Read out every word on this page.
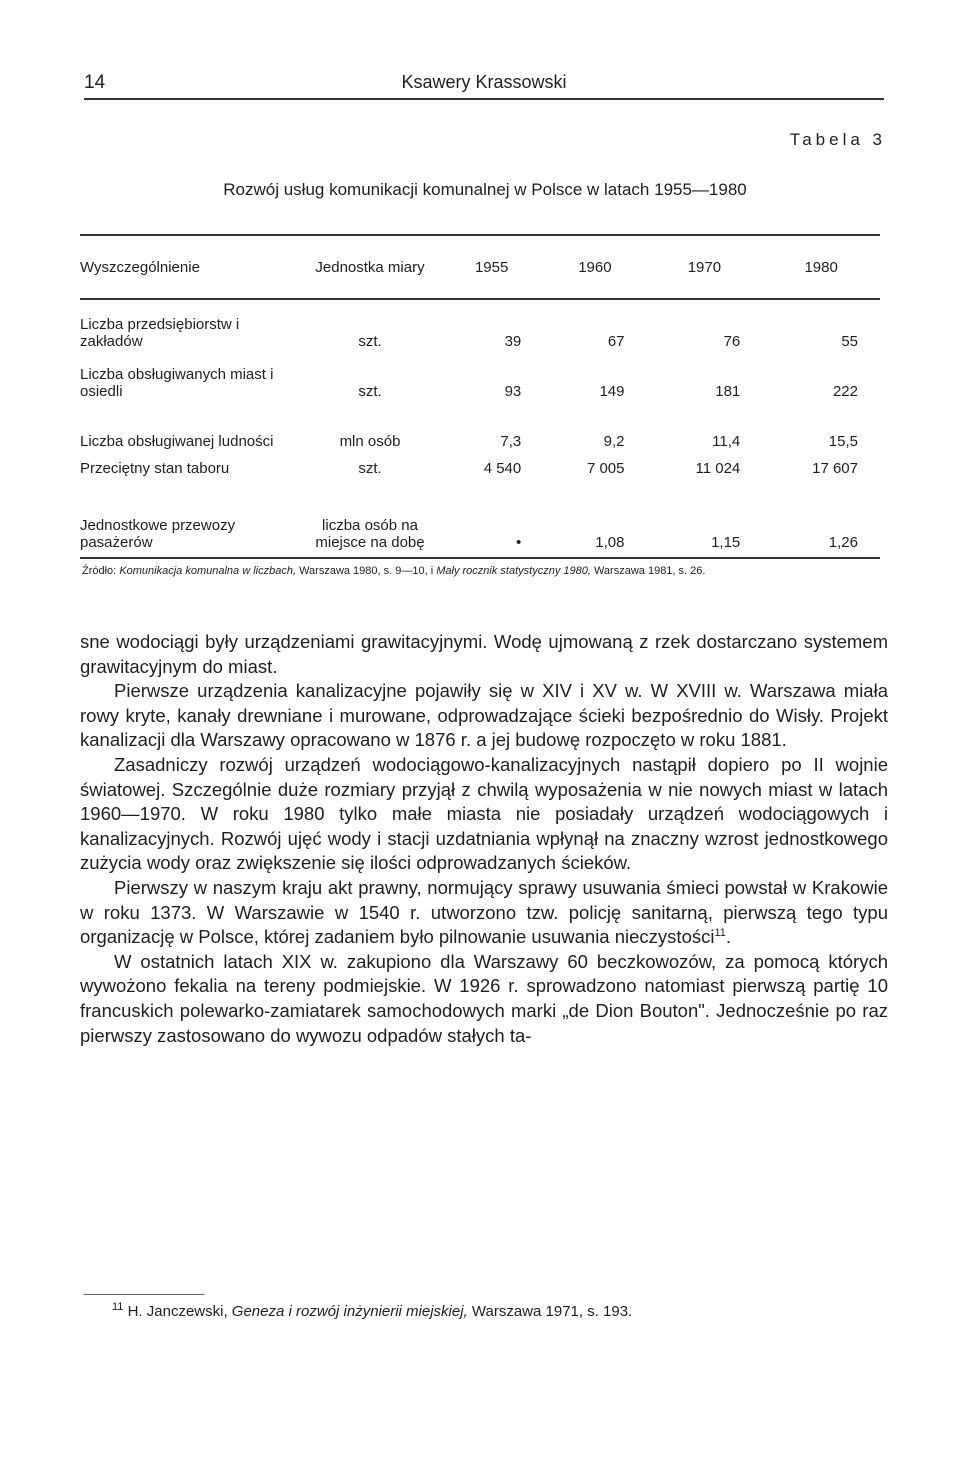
14	Ksawery Krassowski
Tabela 3
Rozwój usług komunikacji komunalnej w Polsce w latach 1955—1980
Wyszczególnienie	Jednostka miary	1955	1960	1970	1980
Liczba przedsiębiorstw i zakładów	szt.	39	67	76	55
Liczba obsługiwanych miast i osiedli	szt.	93	149	181	222
Liczba obsługiwanej ludności	mln osób	7,3	9,2	11,4	15,5
Przeciętny stan taboru	szt.	4 540	7 005	11 024	17 607
Jednostkowe przewozy pasażerów	liczba osób na miejsce na dobę	•	1,08	1,15	1,26
Źródło: Komunikacja komunalna w liczbach, Warszawa 1980, s. 9—10, i Mały rocznik statystyczny 1980, Warszawa 1981, s. 26.

sne wodociągi były urządzeniami grawitacyjnymi. Wodę ujmowaną z rzek dostarczano systemem grawitacyjnym do miast.

Pierwsze urządzenia kanalizacyjne pojawiły się w XIV i XV w. W XVIII w. Warszawa miała rowy kryte, kanały drewniane i murowane, odprowadzające ścieki bezpośrednio do Wisły. Projekt kanalizacji dla Warszawy opracowano w 1876 r. a jej budowę rozpoczęto w roku 1881.

Zasadniczy rozwój urządzeń wodociągowo-kanalizacyjnych nastąpił dopiero po II wojnie światowej. Szczególnie duże rozmiary przyjął z chwilą wyposażenia w nie nowych miast w latach 1960—1970. W roku 1980 tylko małe miasta nie posiadały urządzeń wodociągowych i kanalizacyjnych. Rozwój ujęć wody i stacji uzdatniania wpłynął na znaczny wzrost jednostkowego zużycia wody oraz zwiększenie się ilości odprowadzanych ścieków.

Pierwszy w naszym kraju akt prawny, normujący sprawy usuwania śmieci powstał w Krakowie w roku 1373. W Warszawie w 1540 r. utworzono tzw. policję sanitarną, pierwszą tego typu organizację w Polsce, której zadaniem było pilnowanie usuwania nieczystości$^{11}$.

W ostatnich latach XIX w. zakupiono dla Warszawy 60 beczkowozów, za pomocą których wywożono fekalia na tereny podmiejskie. W 1926 r. sprowadzono natomiast pierwszą partię 10 francuskich polewarko-zamiatarek samochodowych marki „de Dion Bouton". Jednocześnie po raz pierwszy zastosowano do wywozu odpadów stałych ta-

$^{11}$ H. Janczewski, Geneza i rozwój inżynierii miejskiej, Warszawa 1971, s. 193.
